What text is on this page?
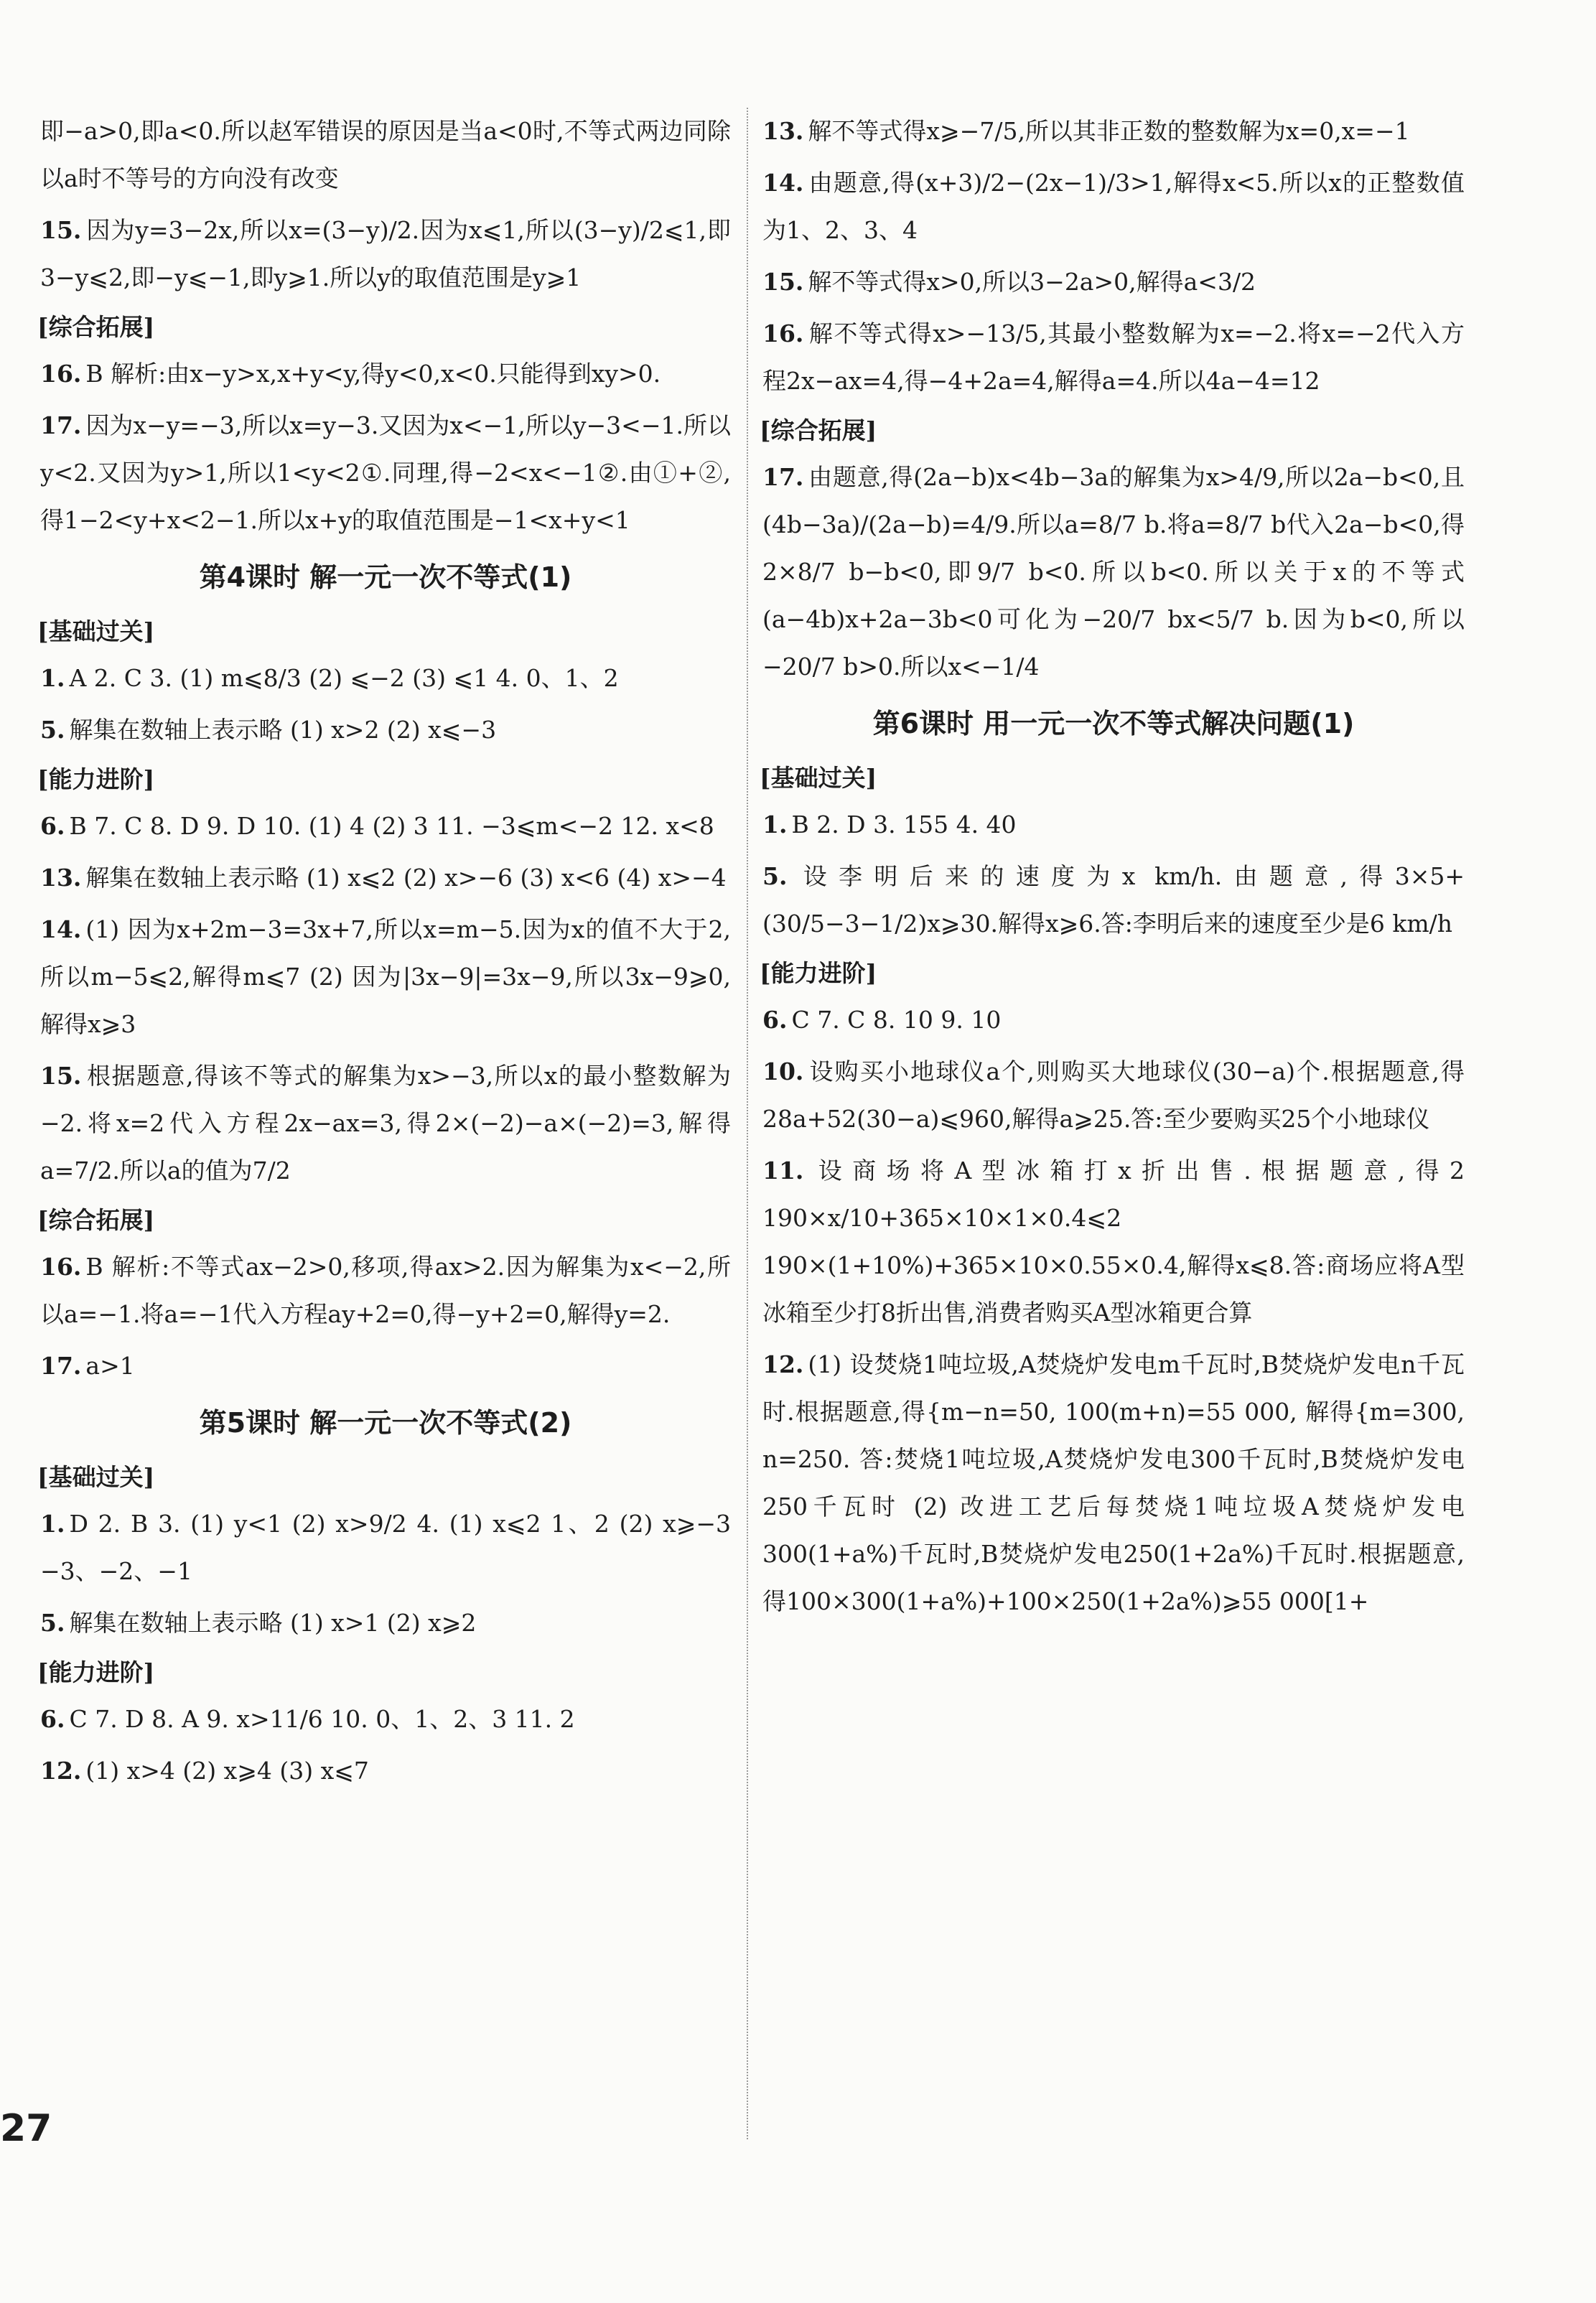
即−a>0,即a<0.所以赵军错误的原因是当a<0时,不等式两边同除以a时不等号的方向没有改变
15. 因为y=3−2x,所以x=(3−y)/2.因为x⩽1,所以(3−y)/2⩽1,即3−y⩽2,即−y⩽−1,即y⩾1.所以y的取值范围是y⩾1
[综合拓展]
16. B 解析:由x−y>x,x+y<y,得y<0,x<0.只能得到xy>0.
17. 因为x−y=−3,所以x=y−3.又因为x<−1,所以y−3<−1.所以y<2.又因为y>1,所以1<y<2①.同理,得−2<x<−1②.由①+②,得1−2<y+x<2−1.所以x+y的取值范围是−1<x+y<1
第4课时 解一元一次不等式(1)
[基础过关]
1. A 2. C 3. (1) m⩽8/3 (2) ⩽−2 (3) ⩽1 4. 0、1、2
5. 解集在数轴上表示略 (1) x>2 (2) x⩽−3
[能力进阶]
6. B 7. C 8. D 9. D 10. (1) 4 (2) 3 11. −3⩽m<−2 12. x<8
13. 解集在数轴上表示略 (1) x⩽2 (2) x>−6 (3) x<6 (4) x>−4
14. (1) 因为x+2m−3=3x+7,所以x=m−5.因为x的值不大于2,所以m−5⩽2,解得m⩽7 (2) 因为|3x−9|=3x−9,所以3x−9⩾0,解得x⩾3
15. 根据题意,得该不等式的解集为x>−3,所以x的最小整数解为−2.将x=2代入方程2x−ax=3,得2×(−2)−a×(−2)=3,解得a=7/2.所以a的值为7/2
[综合拓展]
16. B 解析:不等式ax−2>0,移项,得ax>2.因为解集为x<−2,所以a=−1.将a=−1代入方程ay+2=0,得−y+2=0,解得y=2.
17. a>1
第5课时 解一元一次不等式(2)
[基础过关]
1. D 2. B 3. (1) y<1 (2) x>9/2 4. (1) x⩽2 1、2 (2) x⩾−3 −3、−2、−1
5. 解集在数轴上表示略 (1) x>1 (2) x⩾2
[能力进阶]
6. C 7. D 8. A 9. x>11/6 10. 0、1、2、3 11. 2
12. (1) x>4 (2) x⩾4 (3) x⩽7
13. 解不等式得x⩾−7/5,所以其非正数的整数解为x=0,x=−1
14. 由题意,得(x+3)/2−(2x−1)/3>1,解得x<5.所以x的正整数值为1、2、3、4
15. 解不等式得x>0,所以3−2a>0,解得a<3/2
16. 解不等式得x>−13/5,其最小整数解为x=−2.将x=−2代入方程2x−ax=4,得−4+2a=4,解得a=4.所以4a−4=12
[综合拓展]
17. 由题意,得(2a−b)x<4b−3a的解集为x>4/9,所以2a−b<0,且(4b−3a)/(2a−b)=4/9.所以a=8/7 b.将a=8/7 b代入2a−b<0,得2×8/7 b−b<0,即9/7 b<0.所以b<0.所以关于x的不等式(a−4b)x+2a−3b<0可化为−20/7 bx<5/7 b.因为b<0,所以−20/7 b>0.所以x<−1/4
第6课时 用一元一次不等式解决问题(1)
[基础过关]
1. B 2. D 3. 155 4. 40
5. 设李明后来的速度为x km/h.由题意,得3×5+(30/5−3−1/2)x⩾30.解得x⩾6.答:李明后来的速度至少是6 km/h
[能力进阶]
6. C 7. C 8. 10 9. 10
10. 设购买小地球仪a个,则购买大地球仪(30−a)个.根据题意,得28a+52(30−a)⩽960,解得a⩾25.答:至少要购买25个小地球仪
11. 设商场将A型冰箱打x折出售.根据题意,得2 190×x/10+365×10×1×0.4⩽2 190×(1+10%)+365×10×0.55×0.4,解得x⩽8.答:商场应将A型冰箱至少打8折出售,消费者购买A型冰箱更合算
12. (1) 设焚烧1吨垃圾,A焚烧炉发电m千瓦时,B焚烧炉发电n千瓦时.根据题意,得{m−n=50, 100(m+n)=55 000, 解得{m=300, n=250. 答:焚烧1吨垃圾,A焚烧炉发电300千瓦时,B焚烧炉发电250千瓦时 (2) 改进工艺后每焚烧1吨垃圾A焚烧炉发电300(1+a%)千瓦时,B焚烧炉发电250(1+2a%)千瓦时.根据题意,得100×300(1+a%)+100×250(1+2a%)⩾55 000[1+
27
